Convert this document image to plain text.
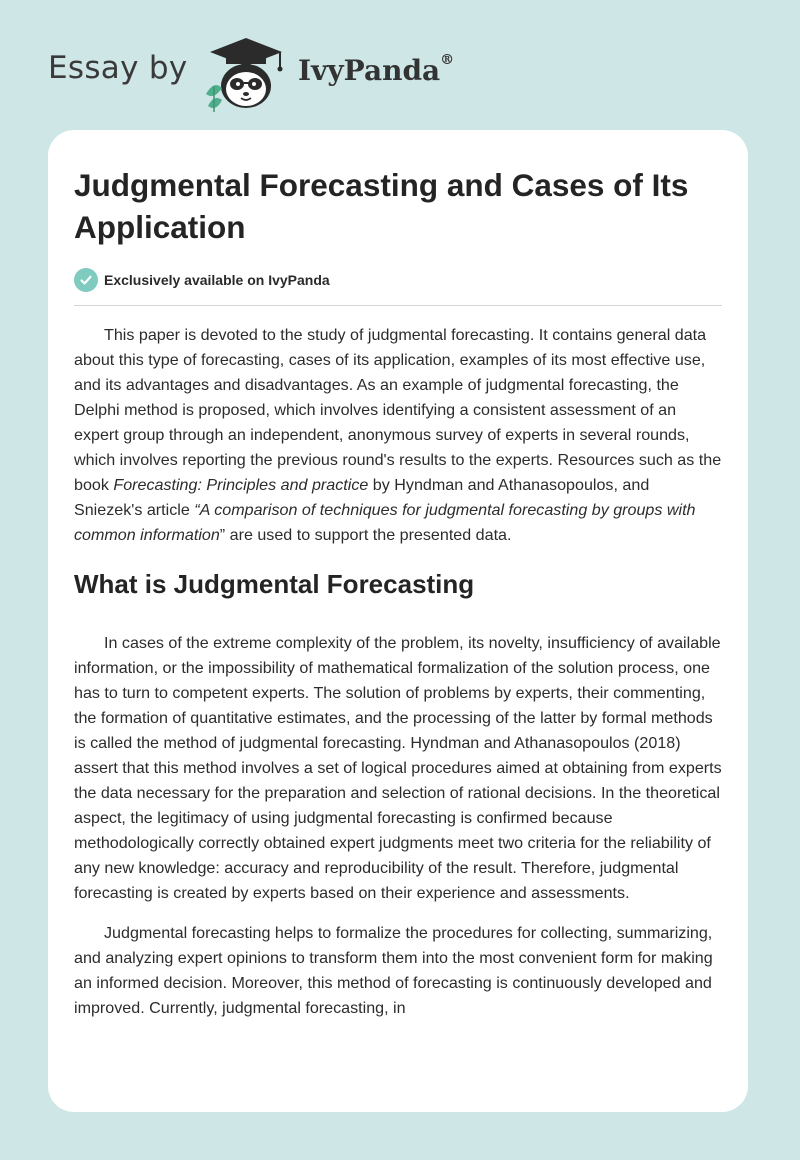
Essay by	IvyPanda®
Judgmental Forecasting and Cases of Its Application
Exclusively available on IvyPanda

This paper is devoted to the study of judgmental forecasting. It contains general data about this type of forecasting, cases of its application, examples of its most effective use, and its advantages and disadvantages. As an example of judgmental forecasting, the Delphi method is proposed, which involves identifying a consistent assessment of an expert group through an independent, anonymous survey of experts in several rounds, which involves reporting the previous round's results to the experts. Resources such as the book Forecasting: Principles and practice by Hyndman and Athanasopoulos, and Sniezek's article “A comparison of techniques for judgmental forecasting by groups with common information” are used to support the presented data.

What is Judgmental Forecasting

In cases of the extreme complexity of the problem, its novelty, insufficiency of available information, or the impossibility of mathematical formalization of the solution process, one has to turn to competent experts. The solution of problems by experts, their commenting, the formation of quantitative estimates, and the processing of the latter by formal methods is called the method of judgmental forecasting. Hyndman and Athanasopoulos (2018) assert that this method involves a set of logical procedures aimed at obtaining from experts the data necessary for the preparation and selection of rational decisions. In the theoretical aspect, the legitimacy of using judgmental forecasting is confirmed because methodologically correctly obtained expert judgments meet two criteria for the reliability of any new knowledge: accuracy and reproducibility of the result. Therefore, judgmental forecasting is created by experts based on their experience and assessments.

Judgmental forecasting helps to formalize the procedures for collecting, summarizing, and analyzing expert opinions to transform them into the most convenient form for making an informed decision. Moreover, this method of forecasting is continuously developed and improved. Currently, judgmental forecasting, in
